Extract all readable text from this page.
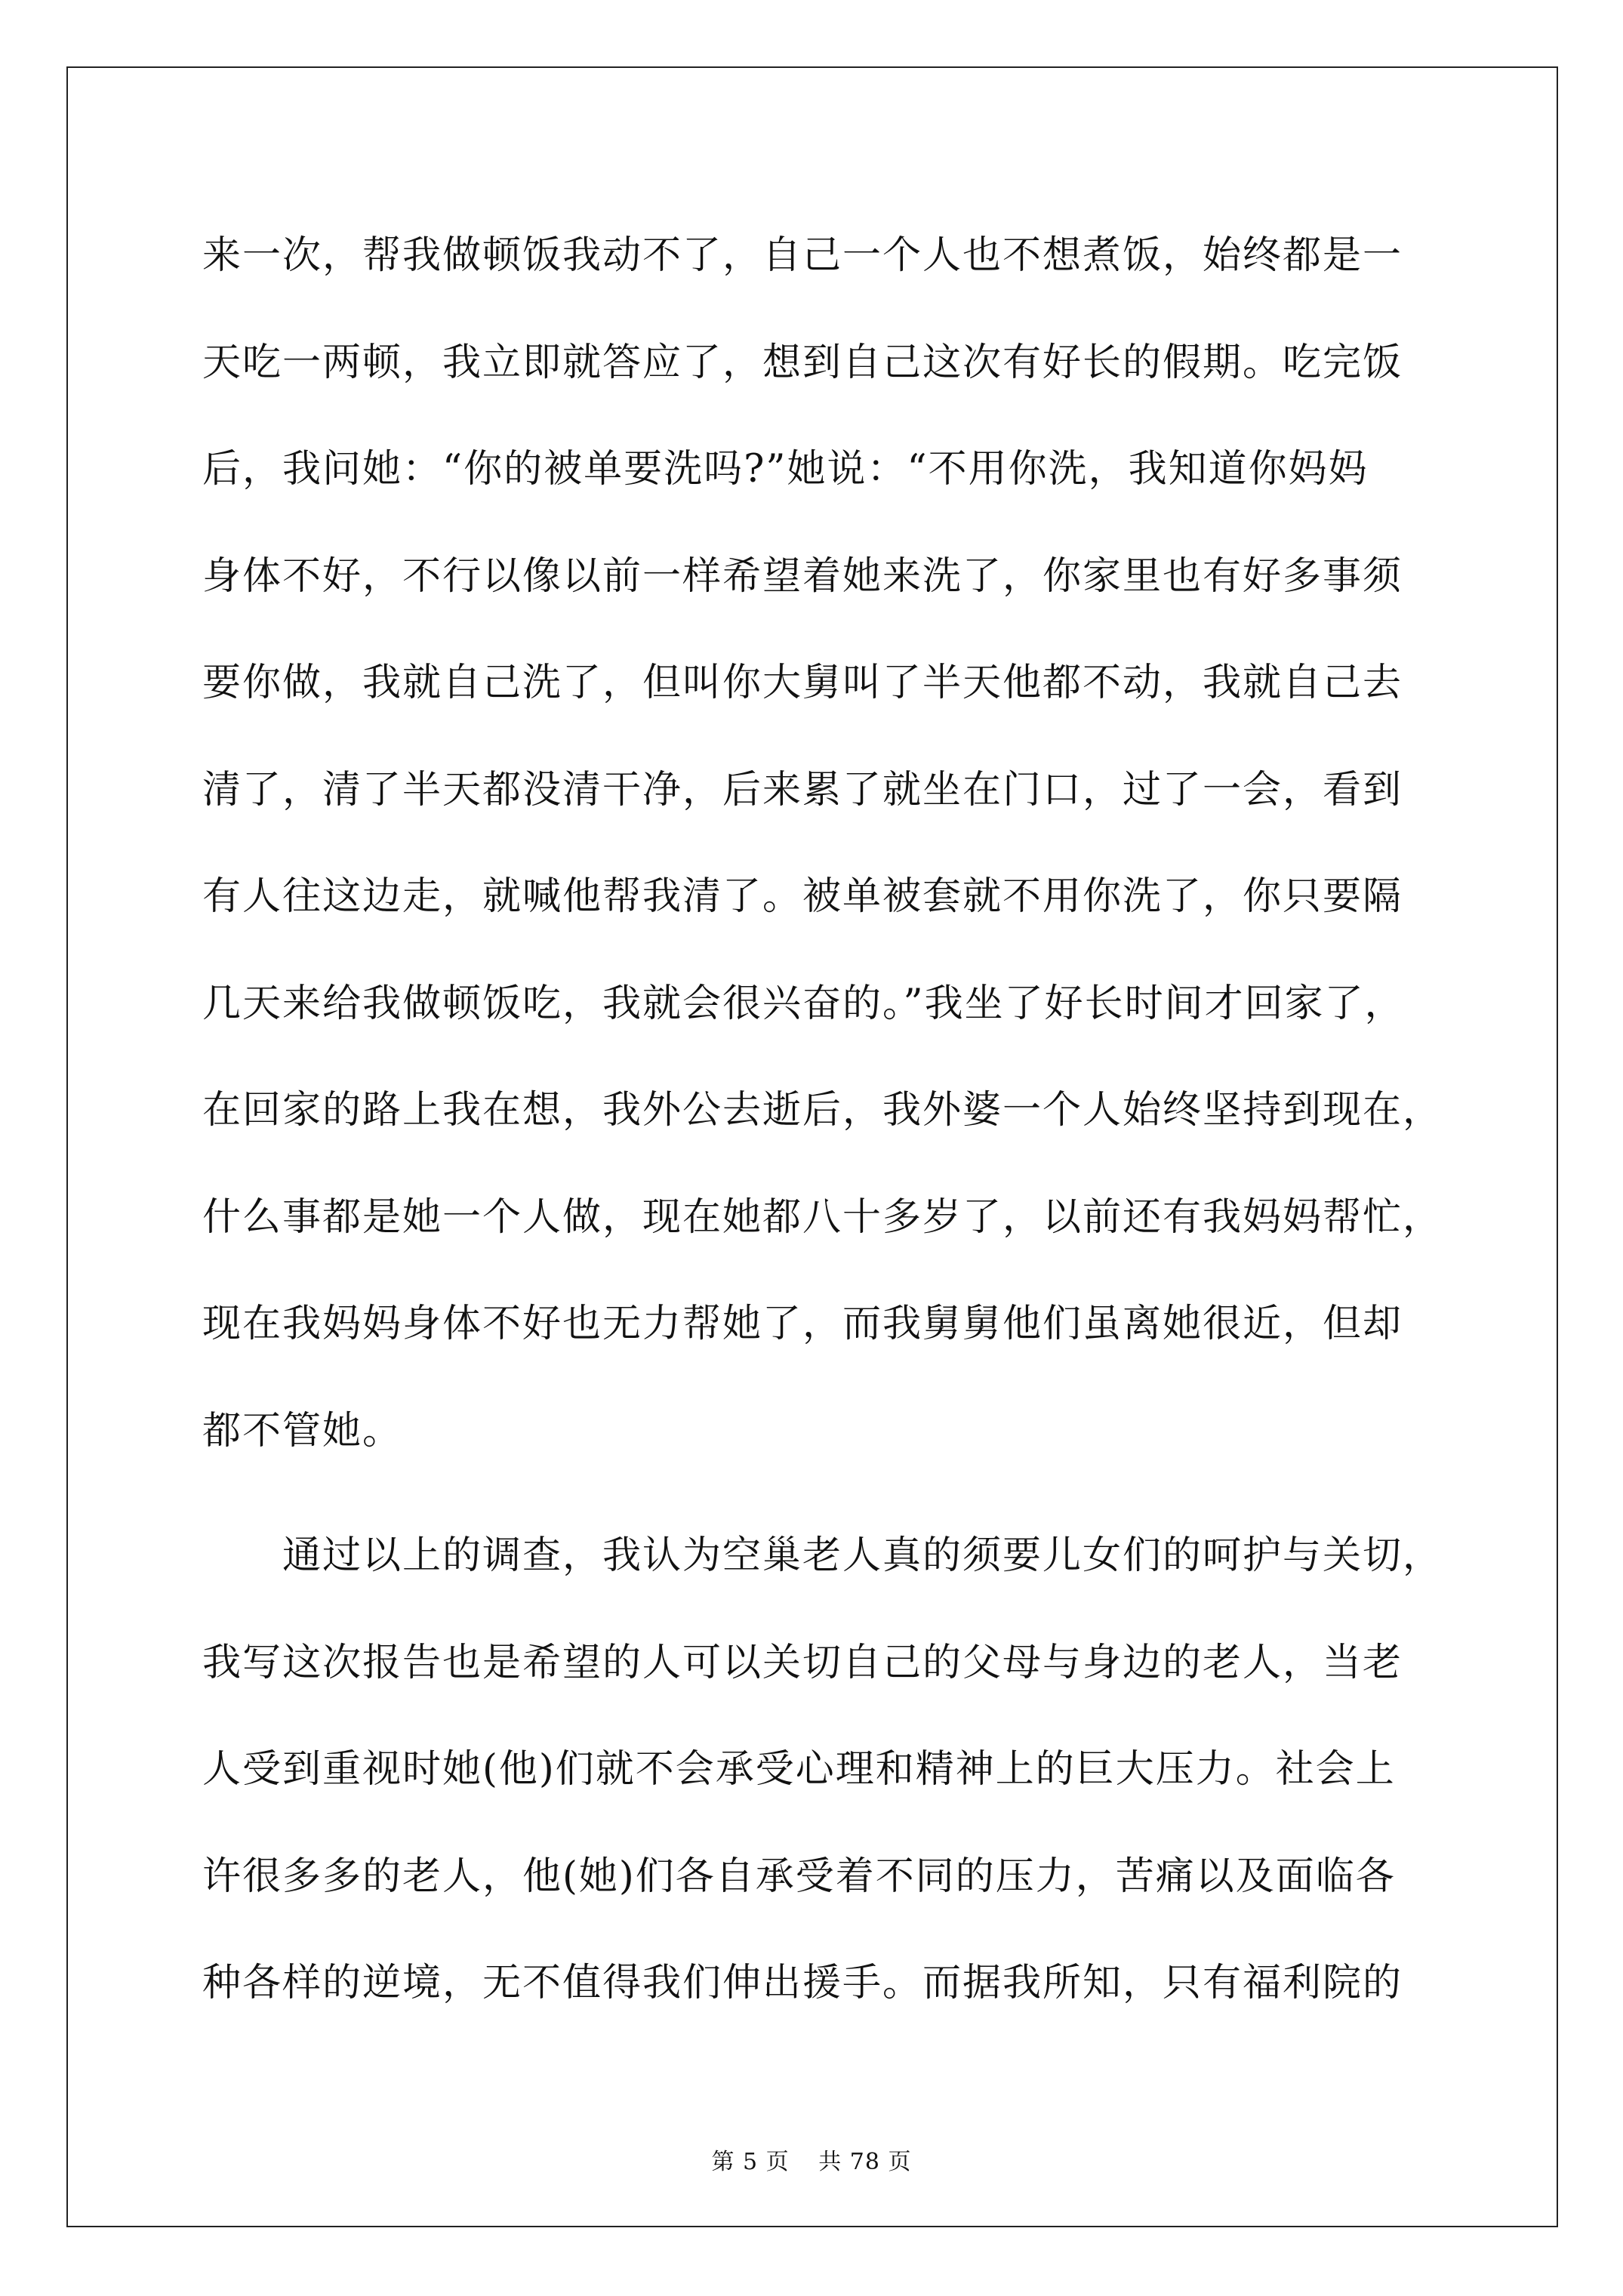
来一次，帮我做顿饭我动不了，自己一个人也不想煮饭，始终都是一
天吃一两顿，我立即就答应了，想到自己这次有好长的假期。吃完饭
后，我问她：“你的被单要洗吗?”她说：“不用你洗，我知道你妈妈
身体不好，不行以像以前一样希望着她来洗了，你家里也有好多事须
要你做，我就自己洗了，但叫你大舅叫了半天他都不动，我就自己去
清了，清了半天都没清干净，后来累了就坐在门口，过了一会，看到
有人往这边走，就喊他帮我清了。被单被套就不用你洗了，你只要隔
几天来给我做顿饭吃，我就会很兴奋的。”我坐了好长时间才回家了，
在回家的路上我在想，我外公去逝后，我外婆一个人始终坚持到现在，
什么事都是她一个人做，现在她都八十多岁了，以前还有我妈妈帮忙，
现在我妈妈身体不好也无力帮她了，而我舅舅他们虽离她很近，但却
都不管她。
通过以上的调查，我认为空巢老人真的须要儿女们的呵护与关切，
我写这次报告也是希望的人可以关切自己的父母与身边的老人，当老
人受到重视时她(他)们就不会承受心理和精神上的巨大压力。社会上
许很多多的老人，他(她)们各自承受着不同的压力，苦痛以及面临各
种各样的逆境，无不值得我们伸出援手。而据我所知，只有福利院的
第 5 页 共 78 页
